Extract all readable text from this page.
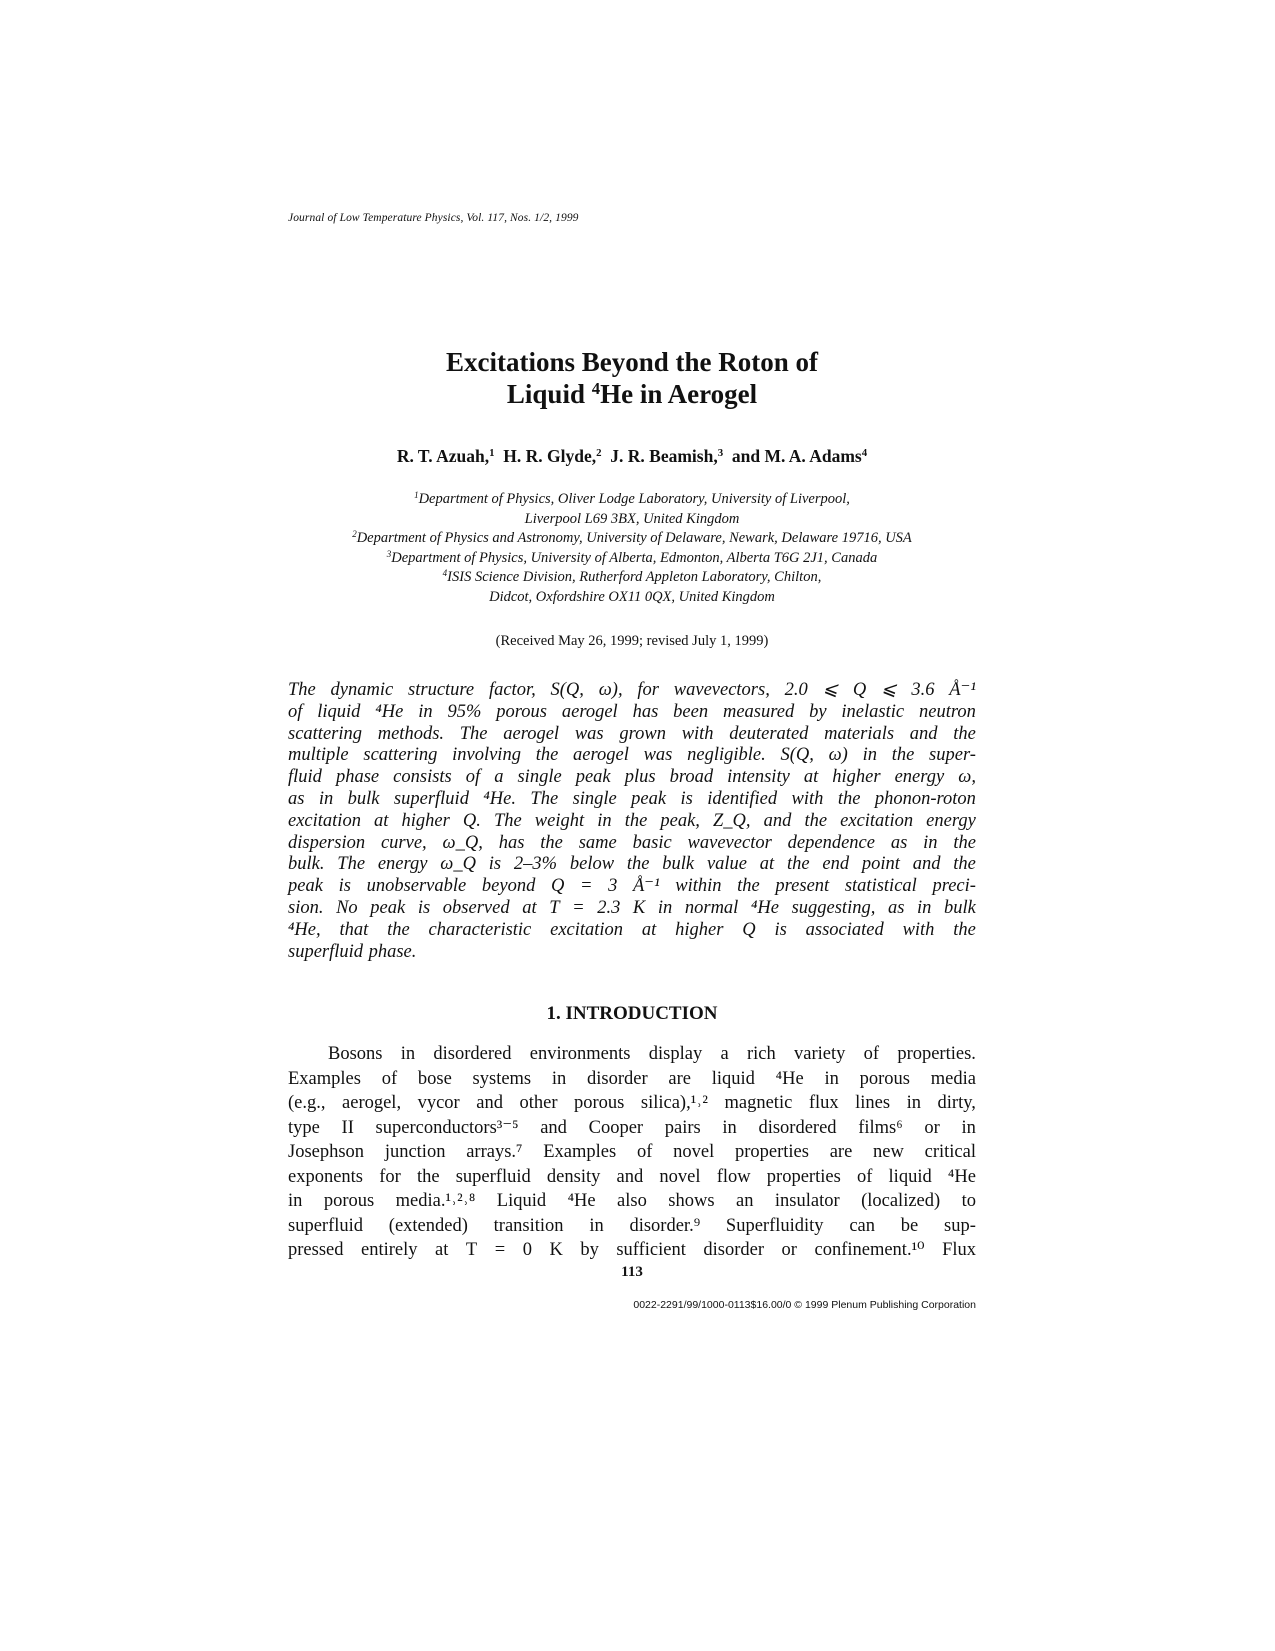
Journal of Low Temperature Physics, Vol. 117, Nos. 1/2, 1999
Excitations Beyond the Roton of
Liquid $^4$He in Aerogel
R. T. Azuah,$^1$ H. R. Glyde,$^2$ J. R. Beamish,$^3$ and M. A. Adams$^4$
$^1$Department of Physics, Oliver Lodge Laboratory, University of Liverpool,
Liverpool L69 3BX, United Kingdom
$^2$Department of Physics and Astronomy, University of Delaware, Newark, Delaware 19716, USA
$^3$Department of Physics, University of Alberta, Edmonton, Alberta T6G 2J1, Canada
$^4$ISIS Science Division, Rutherford Appleton Laboratory, Chilton,
Didcot, Oxfordshire OX11 0QX, United Kingdom
(Received May 26, 1999; revised July 1, 1999)
The dynamic structure factor, S(Q, ω), for wavevectors, 2.0 ⩽ Q ⩽ 3.6 Å⁻¹
of liquid ⁴He in 95% porous aerogel has been measured by inelastic neutron
scattering methods. The aerogel was grown with deuterated materials and the
multiple scattering involving the aerogel was negligible. S(Q, ω) in the super-
fluid phase consists of a single peak plus broad intensity at higher energy ω,
as in bulk superfluid ⁴He. The single peak is identified with the phonon-roton
excitation at higher Q. The weight in the peak, Z_Q, and the excitation energy
dispersion curve, ω_Q, has the same basic wavevector dependence as in the
bulk. The energy ω_Q is 2–3% below the bulk value at the end point and the
peak is unobservable beyond Q = 3 Å⁻¹ within the present statistical preci-
sion. No peak is observed at T = 2.3 K in normal ⁴He suggesting, as in bulk
⁴He, that the characteristic excitation at higher Q is associated with the
superfluid phase.
1. INTRODUCTION
Bosons in disordered environments display a rich variety of properties.
Examples of bose systems in disorder are liquid ⁴He in porous media
(e.g., aerogel, vycor and other porous silica),¹˒² magnetic flux lines in dirty,
type II superconductors³⁻⁵ and Cooper pairs in disordered films⁶ or in
Josephson junction arrays.⁷ Examples of novel properties are new critical
exponents for the superfluid density and novel flow properties of liquid ⁴He
in porous media.¹˒²˒⁸ Liquid ⁴He also shows an insulator (localized) to
superfluid (extended) transition in disorder.⁹ Superfluidity can be sup-
pressed entirely at T = 0 K by sufficient disorder or confinement.¹⁰ Flux
113
0022-2291/99/1000-0113$16.00/0 © 1999 Plenum Publishing Corporation
